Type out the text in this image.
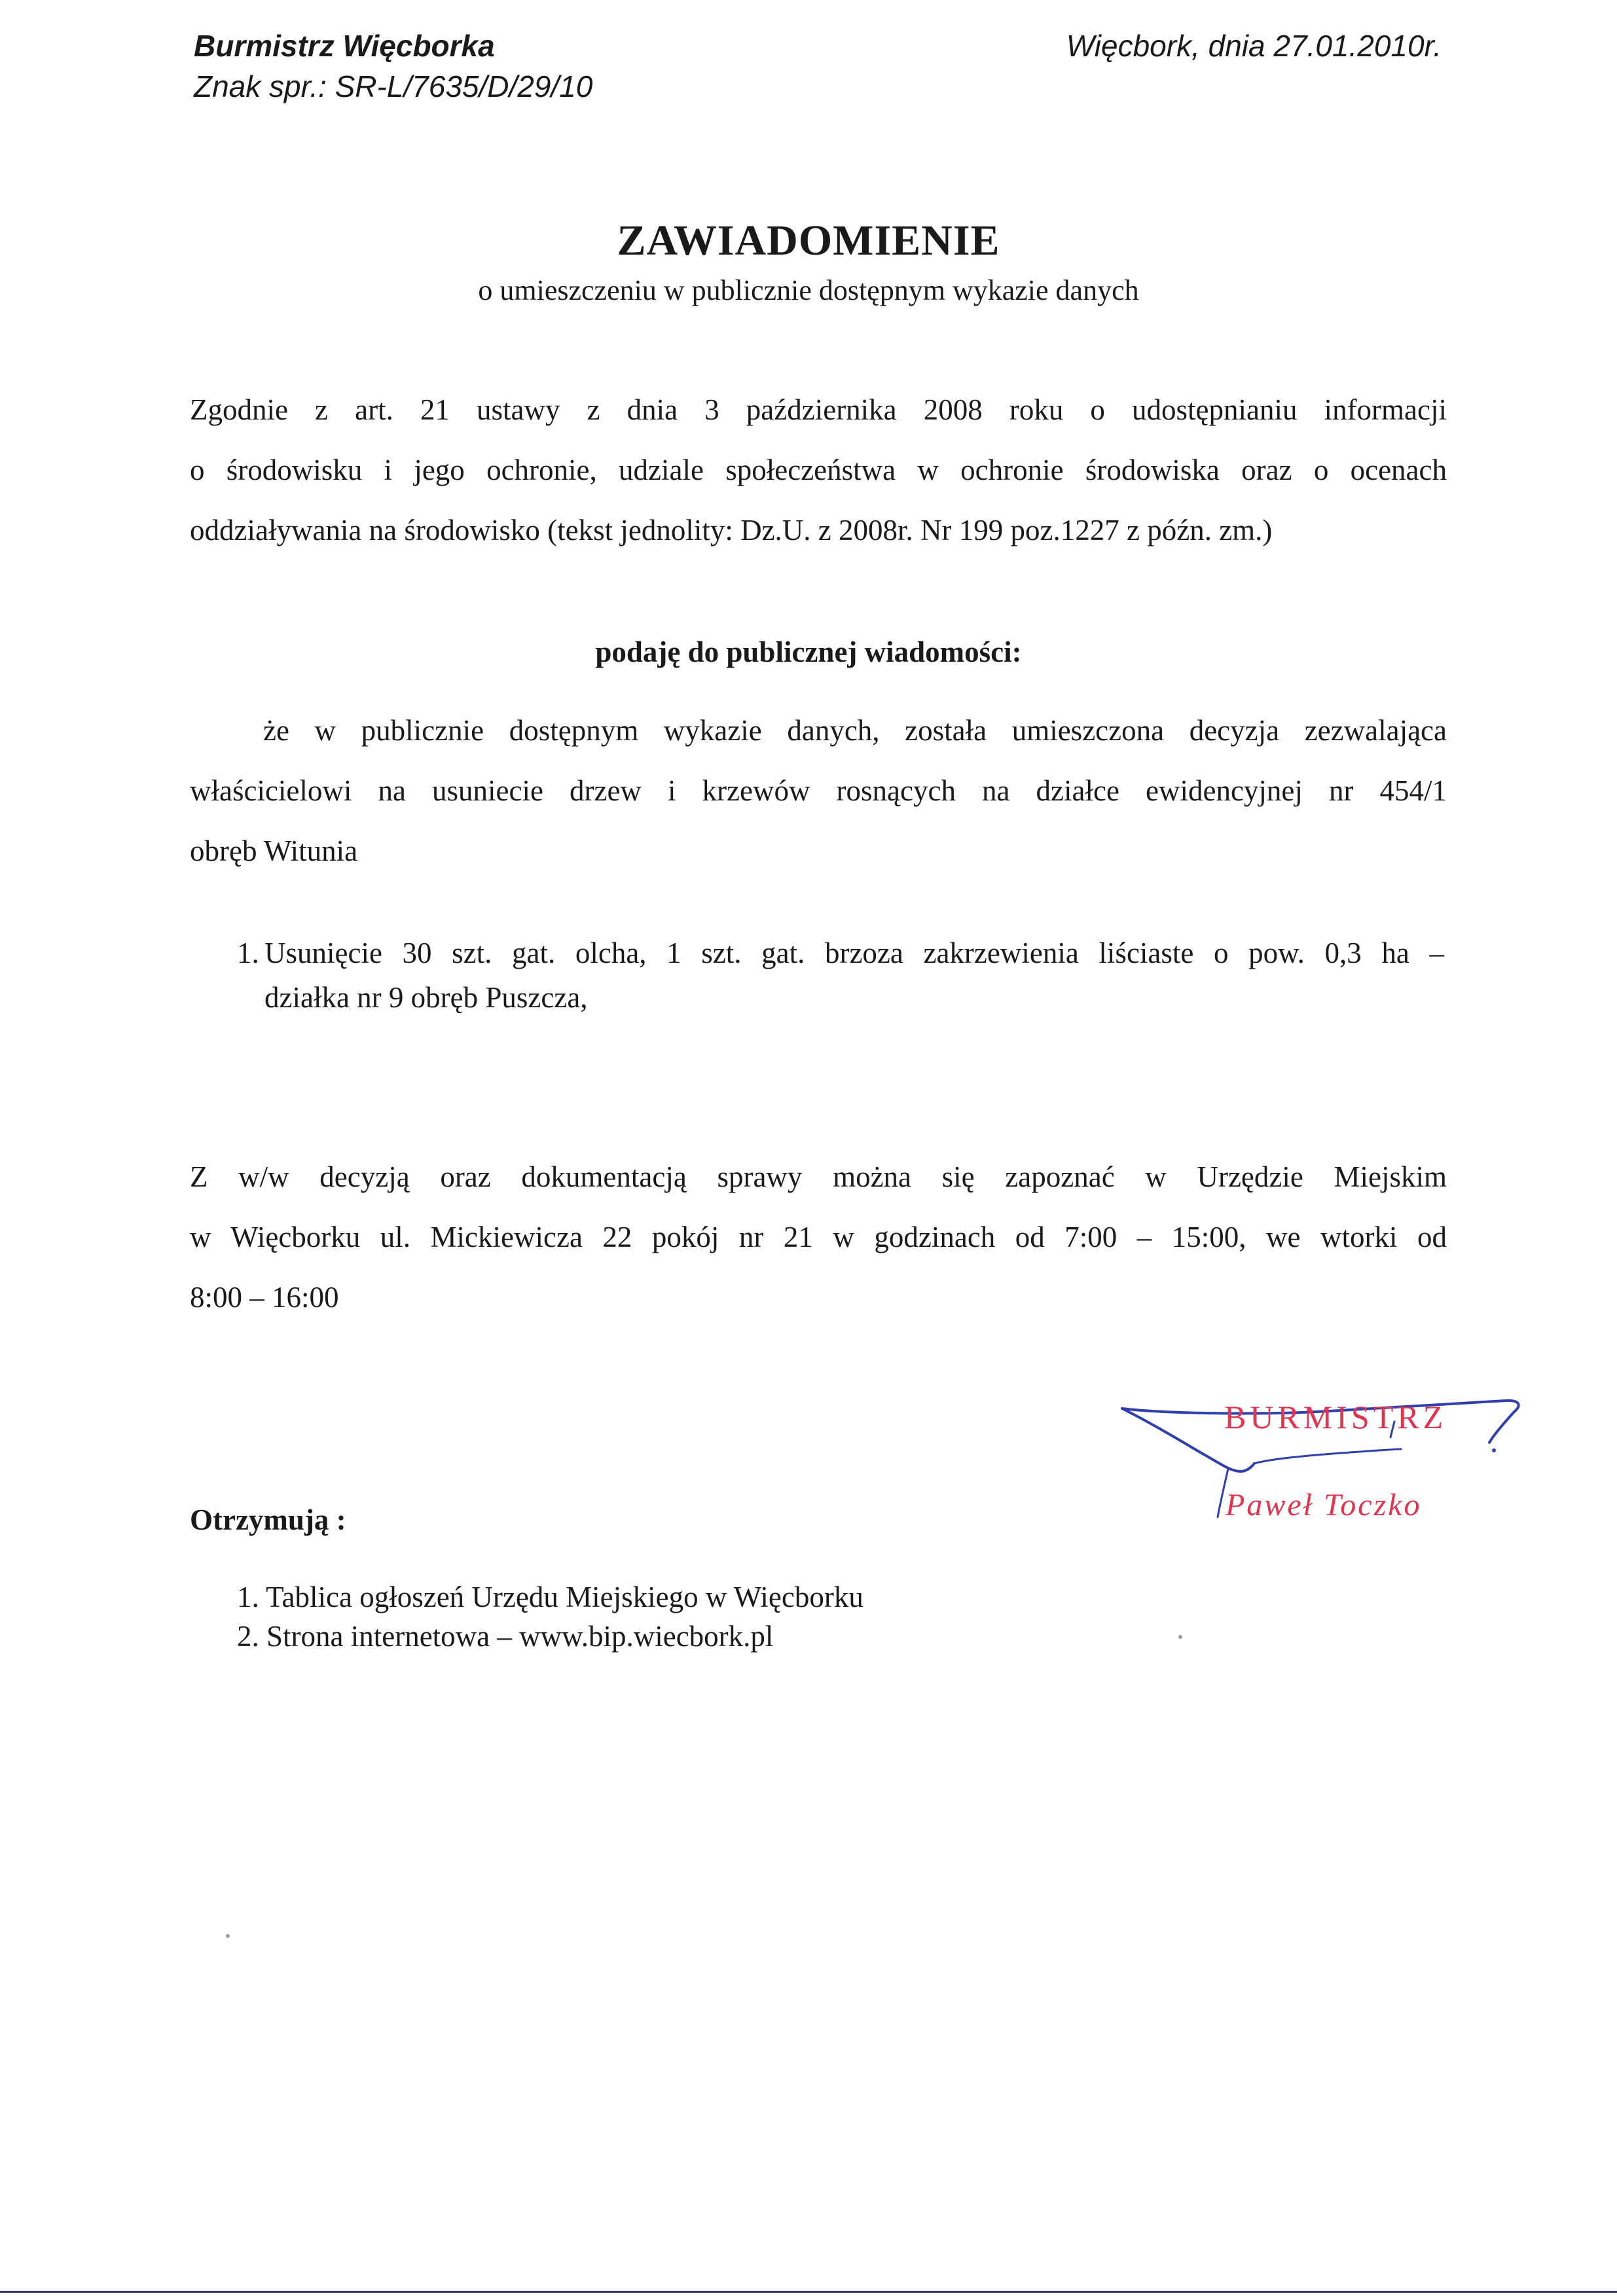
Burmistrz Więcborka
Znak spr.: SR-L/7635/D/29/10
Więcbork, dnia 27.01.2010r.
ZAWIADOMIENIE
o umieszczeniu w publicznie dostępnym wykazie danych
Zgodnie z art. 21 ustawy z dnia 3 października 2008 roku o udostępnianiu informacji
o środowisku i jego ochronie, udziale społeczeństwa w ochronie środowiska oraz o ocenach
oddziaływania na środowisko (tekst jednolity: Dz.U. z 2008r. Nr 199 poz.1227 z późn. zm.)
podaję do publicznej wiadomości:
że w publicznie dostępnym wykazie danych, została umieszczona decyzja zezwalająca
właścicielowi na usuniecie drzew i krzewów rosnących na działce ewidencyjnej nr 454/1
obręb Witunia
1. Usunięcie 30 szt. gat. olcha, 1 szt. gat. brzoza zakrzewienia liściaste o pow. 0,3 ha –
działka nr 9 obręb Puszcza,
Z w/w decyzją oraz dokumentacją sprawy można się zapoznać w Urzędzie Miejskim
w Więcborku ul. Mickiewicza 22 pokój nr 21 w godzinach od 7:00 – 15:00, we wtorki od
8:00 – 16:00
BURMISTRZ
Paweł Toczko
Otrzymują :
1. Tablica ogłoszeń Urzędu Miejskiego w Więcborku
2. Strona internetowa – www.bip.wiecbork.pl
